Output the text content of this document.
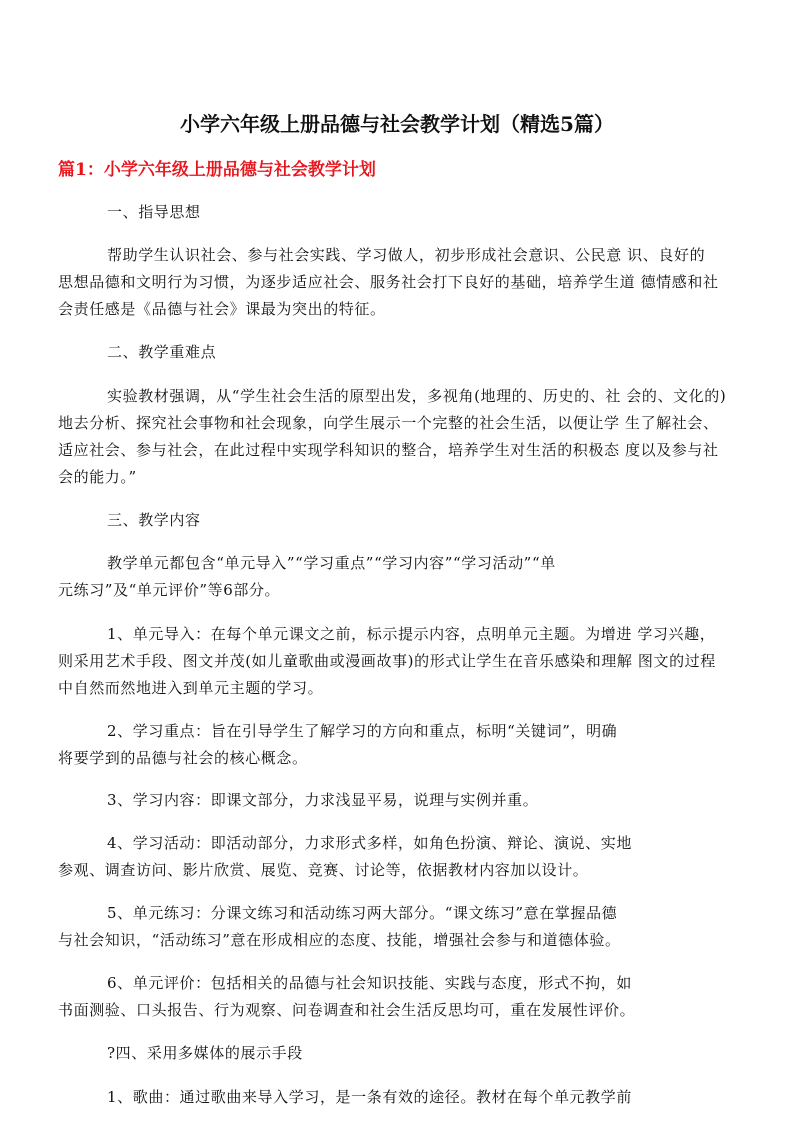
小学六年级上册品德与社会教学计划（精选5篇）
篇1：小学六年级上册品德与社会教学计划
一、指导思想
帮助学生认识社会、参与社会实践、学习做人，初步形成社会意识、公民意 识、良好的
思想品德和文明行为习惯，为逐步适应社会、服务社会打下良好的基础，培养学生道 德情感和社
会责任感是《品德与社会》课最为突出的特征。
二、教学重难点
实验教材强调，从“学生社会生活的原型出发，多视角(地理的、历史的、社 会的、文化的)
地去分析、探究社会事物和社会现象，向学生展示一个完整的社会生活，以便让学 生了解社会、
适应社会、参与社会，在此过程中实现学科知识的整合，培养学生对生活的积极态 度以及参与社
会的能力。”
三、教学内容
教学单元都包含“单元导入”“学习重点”“学习内容”“学习活动”“单
元练习”及“单元评价”等6部分。
1、单元导入：在每个单元课文之前，标示提示内容，点明单元主题。为增进 学习兴趣，
则采用艺术手段、图文并茂(如儿童歌曲或漫画故事)的形式让学生在音乐感染和理解 图文的过程
中自然而然地进入到单元主题的学习。
2、学习重点：旨在引导学生了解学习的方向和重点，标明“关键词”，明确
将要学到的品德与社会的核心概念。
3、学习内容：即课文部分，力求浅显平易，说理与实例并重。
4、学习活动：即活动部分，力求形式多样，如角色扮演、辩论、演说、实地
参观、调查访问、影片欣赏、展览、竞赛、讨论等，依据教材内容加以设计。
5、单元练习：分课文练习和活动练习两大部分。“课文练习”意在掌握品德
与社会知识，“活动练习”意在形成相应的态度、技能，增强社会参与和道德体验。
6、单元评价：包括相关的品德与社会知识技能、实践与态度，形式不拘，如
书面测验、口头报告、行为观察、问卷调查和社会生活反思均可，重在发展性评价。
?四、采用多媒体的展示手段
1、歌曲：通过歌曲来导入学习，是一条有效的途径。教材在每个单元教学前
